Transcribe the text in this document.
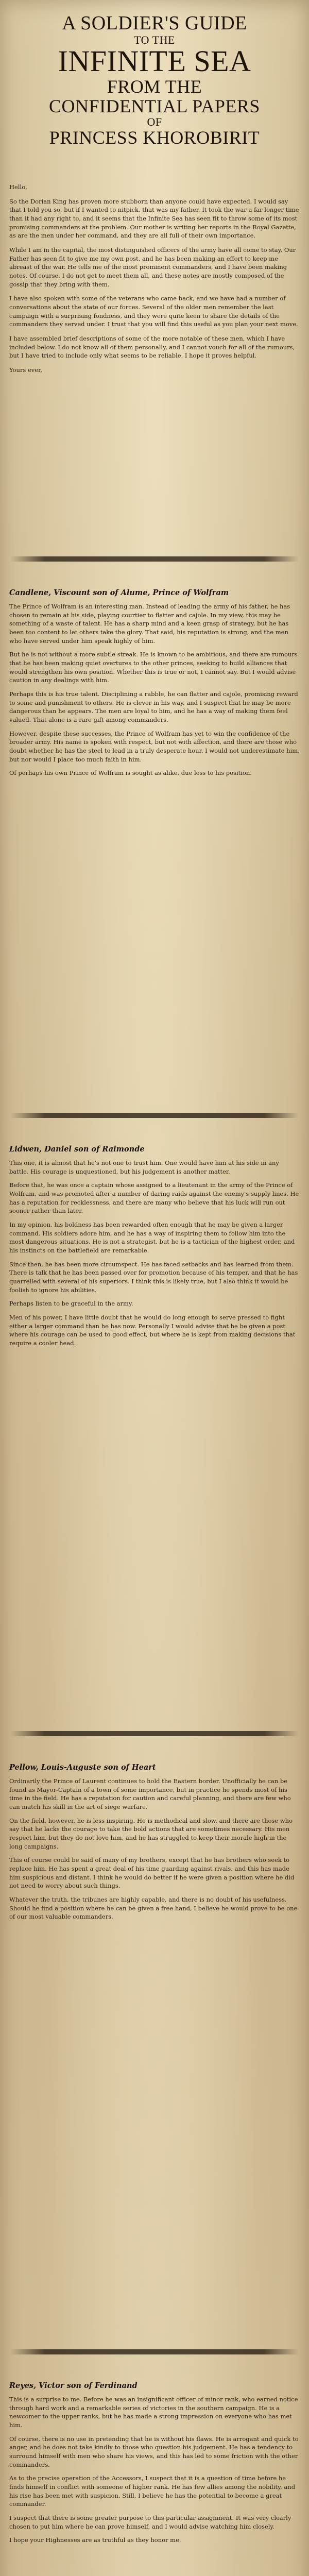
A SOLDIER'S GUIDE
TO THE
INFINITE SEA
FROM THE
CONFIDENTIAL PAPERS
OF
PRINCESS KHOROBIRIT

Hello,

So the Dorian King has proven more stubborn than anyone could have expected. I would say that I told you so, but if I wanted to nitpick, that was my father. It took the war a far longer time than it had any right to, and it seems that the Infinite Sea has seen fit to throw some of its most promising commanders at the problem. Our mother is writing her reports in the Royal Gazette, as are the men under her command, and they are all full of their own importance.

While I am in the capital, the most distinguished officers of the army have all come to stay. Our Father has seen fit to give me my own post, and he has been making an effort to keep me abreast of the war. He tells me of the most prominent commanders, and I have been making notes. Of course, I do not get to meet them all, and these notes are mostly composed of the gossip that they bring with them.

I have also spoken with some of the veterans who came back, and we have had a number of conversations about the state of our forces. Several of the older men remember the last campaign with a surprising fondness, and they were quite keen to share the details of the commanders they served under. I trust that you will find this useful as you plan your next move.

I have assembled brief descriptions of some of the more notable of these men, which I have included below. I do not know all of them personally, and I cannot vouch for all of the rumours, but I have tried to include only what seems to be reliable. I hope it proves helpful.

Yours ever,

Candlene, Viscount son of Alume, Prince of Wolfram

The Prince of Wolfram is an interesting man. Instead of leading the army of his father, he has chosen to remain at his side, playing courtier to flatter and cajole. In my view, this may be something of a waste of talent. He has a sharp mind and a keen grasp of strategy, but he has been too content to let others take the glory. That said, his reputation is strong, and the men who have served under him speak highly of him.

But he is not without a more subtle streak. He is known to be ambitious, and there are rumours that he has been making quiet overtures to the other princes, seeking to build alliances that would strengthen his own position. Whether this is true or not, I cannot say. But I would advise caution in any dealings with him.

Perhaps this is his true talent. Disciplining a rabble, he can flatter and cajole, promising reward to some and punishment to others. He is clever in his way, and I suspect that he may be more dangerous than he appears. The men are loyal to him, and he has a way of making them feel valued. That alone is a rare gift among commanders.

However, despite these successes, the Prince of Wolfram has yet to win the confidence of the broader army. His name is spoken with respect, but not with affection, and there are those who doubt whether he has the steel to lead in a truly desperate hour. I would not underestimate him, but nor would I place too much faith in him.

Of perhaps his own Prince of Wolfram is sought as alike, due less to his position.

Lidwen, Daniel son of Raimonde

This one, it is almost that he's not one to trust him. One would have him at his side in any battle. His courage is unquestioned, but his judgement is another matter.

Before that, he was once a captain whose assigned to a lieutenant in the army of the Prince of Wolfram, and was promoted after a number of daring raids against the enemy's supply lines. He has a reputation for recklessness, and there are many who believe that his luck will run out sooner rather than later.

In my opinion, his boldness has been rewarded often enough that he may be given a larger command. His soldiers adore him, and he has a way of inspiring them to follow him into the most dangerous situations. He is not a strategist, but he is a tactician of the highest order, and his instincts on the battlefield are remarkable.

Since then, he has been more circumspect. He has faced setbacks and has learned from them. There is talk that he has been passed over for promotion because of his temper, and that he has quarrelled with several of his superiors. I think this is likely true, but I also think it would be foolish to ignore his abilities.

Perhaps listen to be graceful in the army.

Men of his power, I have little doubt that he would do long enough to serve pressed to fight either a larger command than he has now. Personally I would advise that he be given a post where his courage can be used to good effect, but where he is kept from making decisions that require a cooler head.

Pellow, Louis-Auguste son of Heart

Ordinarily the Prince of Laurent continues to hold the Eastern border. Unofficially he can be found as Mayor-Captain of a town of some importance, but in practice he spends most of his time in the field. He has a reputation for caution and careful planning, and there are few who can match his skill in the art of siege warfare.

On the field, however, he is less inspiring. He is methodical and slow, and there are those who say that he lacks the courage to take the bold actions that are sometimes necessary. His men respect him, but they do not love him, and he has struggled to keep their morale high in the long campaigns.

This of course could be said of many of my brothers, except that he has brothers who seek to replace him. He has spent a great deal of his time guarding against rivals, and this has made him suspicious and distant. I think he would do better if he were given a position where he did not need to worry about such things.

Whatever the truth, the tribunes are highly capable, and there is no doubt of his usefulness. Should he find a position where he can be given a free hand, I believe he would prove to be one of our most valuable commanders.

Reyes, Victor son of Ferdinand

This is a surprise to me. Before he was an insignificant officer of minor rank, who earned notice through hard work and a remarkable series of victories in the southern campaign. He is a newcomer to the upper ranks, but he has made a strong impression on everyone who has met him.

Of course, there is no use in pretending that he is without his flaws. He is arrogant and quick to anger, and he does not take kindly to those who question his judgement. He has a tendency to surround himself with men who share his views, and this has led to some friction with the other commanders.

As to the precise operation of the Accessors, I suspect that it is a question of time before he finds himself in conflict with someone of higher rank. He has few allies among the nobility, and his rise has been met with suspicion. Still, I believe he has the potential to become a great commander.

I suspect that there is some greater purpose to this particular assignment. It was very clearly chosen to put him where he can prove himself, and I would advise watching him closely.

I hope your Highnesses are as truthful as they honor me.
